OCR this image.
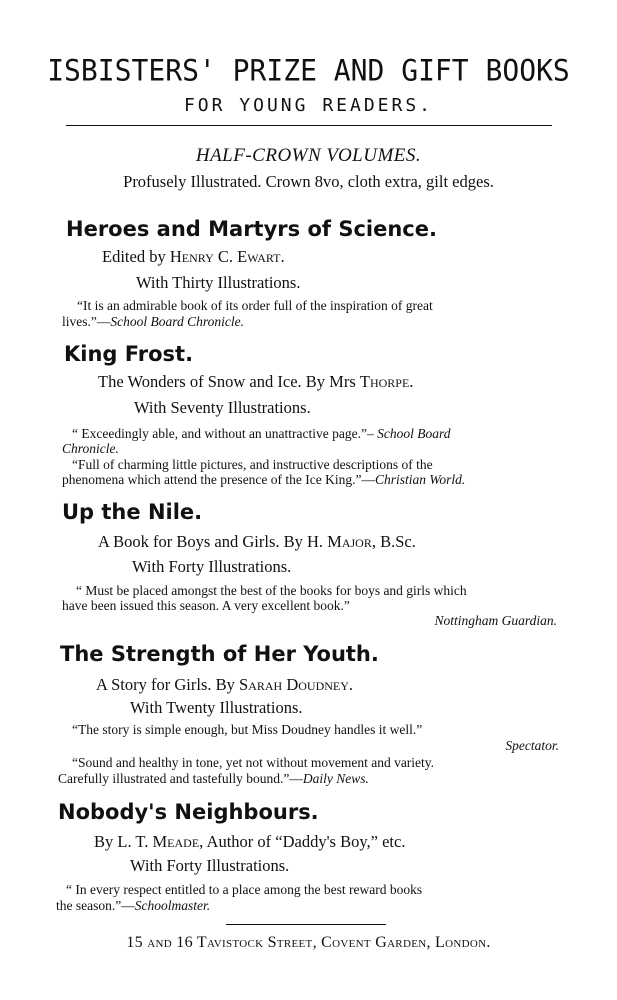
ISBISTERS' PRIZE AND GIFT BOOKS
FOR YOUNG READERS.
HALF-CROWN VOLUMES.
Profusely Illustrated. Crown 8vo, cloth extra, gilt edges.
Heroes and Martyrs of Science.
Edited by Henry C. Ewart.
With Thirty Illustrations.
“It is an admirable book of its order full of the inspiration of great
lives.”—School Board Chronicle.
King Frost.
The Wonders of Snow and Ice. By Mrs Thorpe.
With Seventy Illustrations.
“ Exceedingly able, and without an unattractive page.”– School Board
Chronicle.
“Full of charming little pictures, and instructive descriptions of the
phenomena which attend the presence of the Ice King.”—Christian World.
Up the Nile.
A Book for Boys and Girls. By H. Major, B.Sc.
With Forty Illustrations.
“ Must be placed amongst the best of the books for boys and girls which
have been issued this season. A very excellent book.”
Nottingham Guardian.
The Strength of Her Youth.
A Story for Girls. By Sarah Doudney.
With Twenty Illustrations.
“The story is simple enough, but Miss Doudney handles it well.”
Spectator.
“Sound and healthy in tone, yet not without movement and variety.
Carefully illustrated and tastefully bound.”—Daily News.
Nobody's Neighbours.
By L. T. Meade, Author of “Daddy's Boy,” etc.
With Forty Illustrations.
“ In every respect entitled to a place among the best reward books
the season.”—Schoolmaster.
15 and 16 Tavistock Street, Covent Garden, London.
